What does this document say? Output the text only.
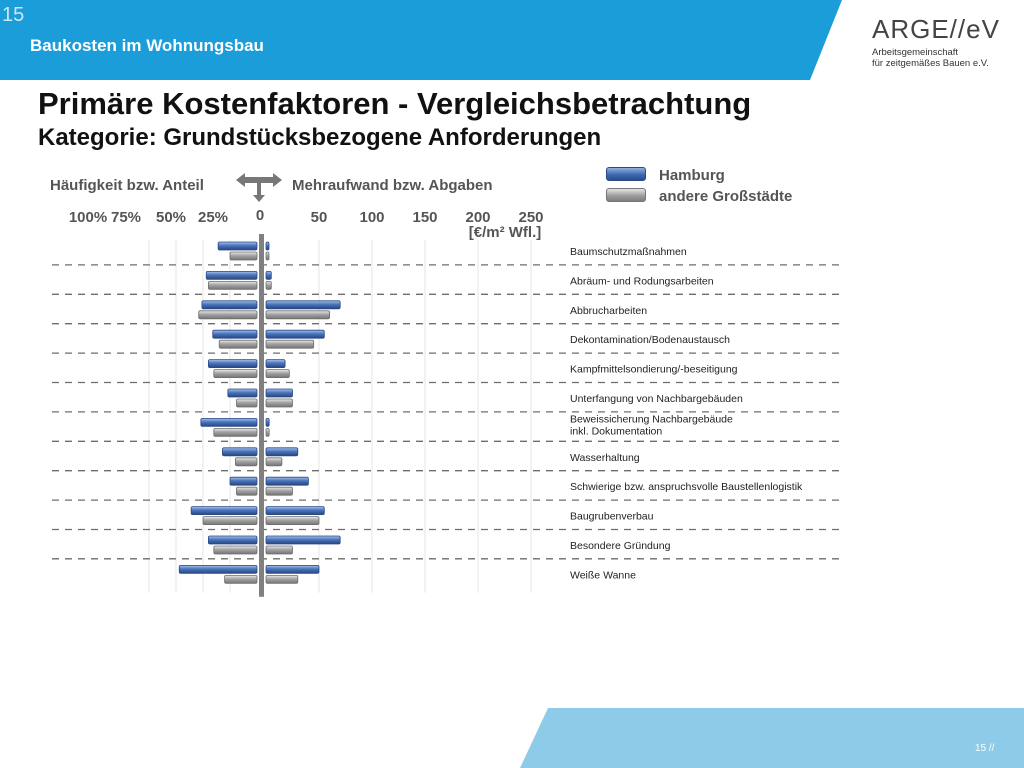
15
Baukosten im Wohnungsbau
ARGE//eV
Arbeitsgemeinschaft
für zeitgemäßes Bauen e.V.
Primäre Kostenfaktoren - Vergleichsbetrachtung
Kategorie: Grundstücksbezogene Anforderungen
Häufigkeit bzw. Anteil	Mehraufwand bzw. Abgaben
Hamburg
andere Großstädte
Baumschutzmaßnahmen
Abräum- und Rodungsarbeiten
Abbrucharbeiten
Dekontamination/Bodenaustausch
Kampfmittelsondierung/-beseitigung
Unterfangung von Nachbargebäuden
Beweissicherung Nachbargebäude inkl. Dokumentation
Wasserhaltung
Schwierige bzw. anspruchsvolle Baustellenlogistik
Baugrubenverbau
Besondere Gründung
Weiße Wanne
100% 75% 50% 25% 0	50 100 150 200 250
[€/m² Wfl.]
15 //
